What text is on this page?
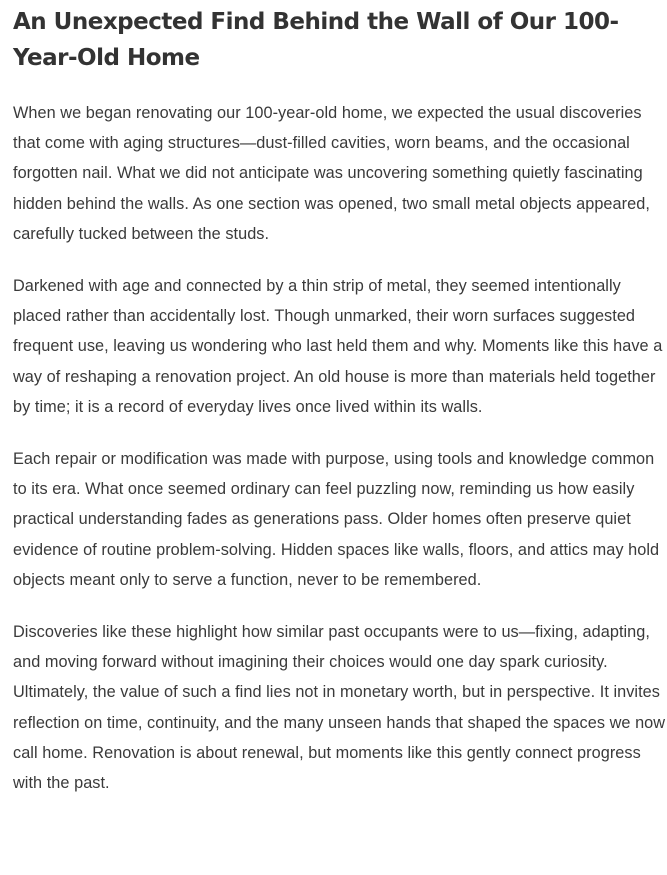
An Unexpected Find Behind the Wall of Our 100-Year-Old Home

When we began renovating our 100-year-old home, we expected the usual discoveries that come with aging structures—dust-filled cavities, worn beams, and the occasional forgotten nail. What we did not anticipate was uncovering something quietly fascinating hidden behind the walls. As one section was opened, two small metal objects appeared, carefully tucked between the studs.

Darkened with age and connected by a thin strip of metal, they seemed intentionally placed rather than accidentally lost. Though unmarked, their worn surfaces suggested frequent use, leaving us wondering who last held them and why. Moments like this have a way of reshaping a renovation project. An old house is more than materials held together by time; it is a record of everyday lives once lived within its walls.

Each repair or modification was made with purpose, using tools and knowledge common to its era. What once seemed ordinary can feel puzzling now, reminding us how easily practical understanding fades as generations pass. Older homes often preserve quiet evidence of routine problem-solving. Hidden spaces like walls, floors, and attics may hold objects meant only to serve a function, never to be remembered.

Discoveries like these highlight how similar past occupants were to us—fixing, adapting, and moving forward without imagining their choices would one day spark curiosity. Ultimately, the value of such a find lies not in monetary worth, but in perspective. It invites reflection on time, continuity, and the many unseen hands that shaped the spaces we now call home. Renovation is about renewal, but moments like this gently connect progress with the past.
